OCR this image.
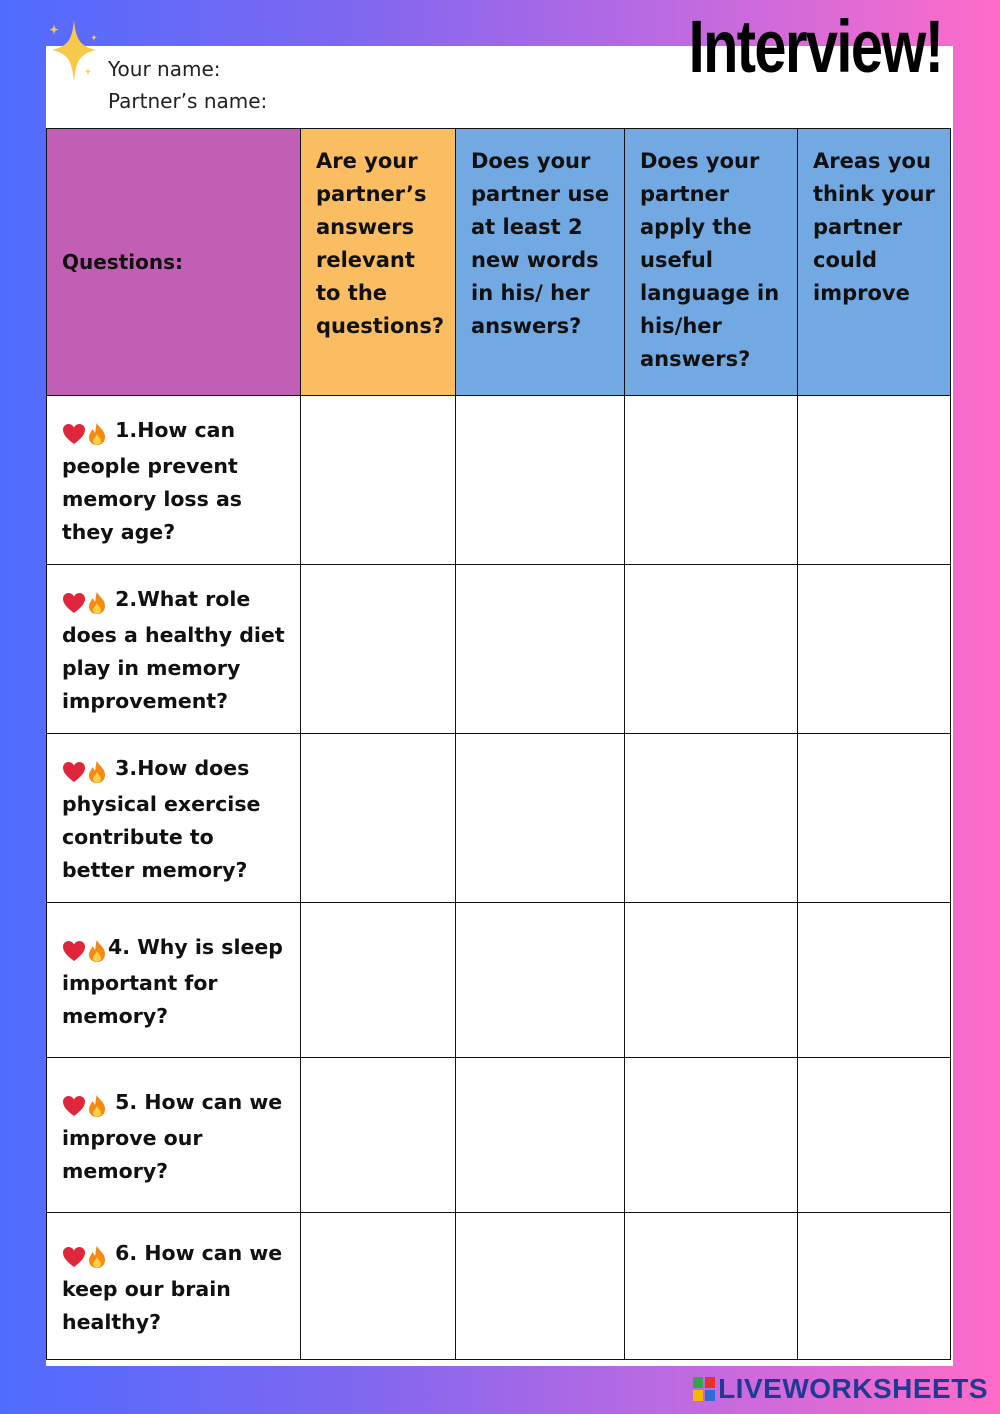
Your name:
Partner’s name:
Interview!
Questions:	Are your partner’s answers relevant to the questions?	Does your partner use at least 2 new words in his/ her answers?	Does your partner apply the useful language in his/her answers?	Areas you think your partner could improve
1.How can people prevent memory loss as they age?				
2.What role does a healthy diet play in memory improvement?				
3.How does physical exercise contribute to better memory?				
4. Why is sleep important for memory?				
5. How can we improve our memory?				
6. How can we keep our brain healthy?				
LIVEWORKSHEETS
